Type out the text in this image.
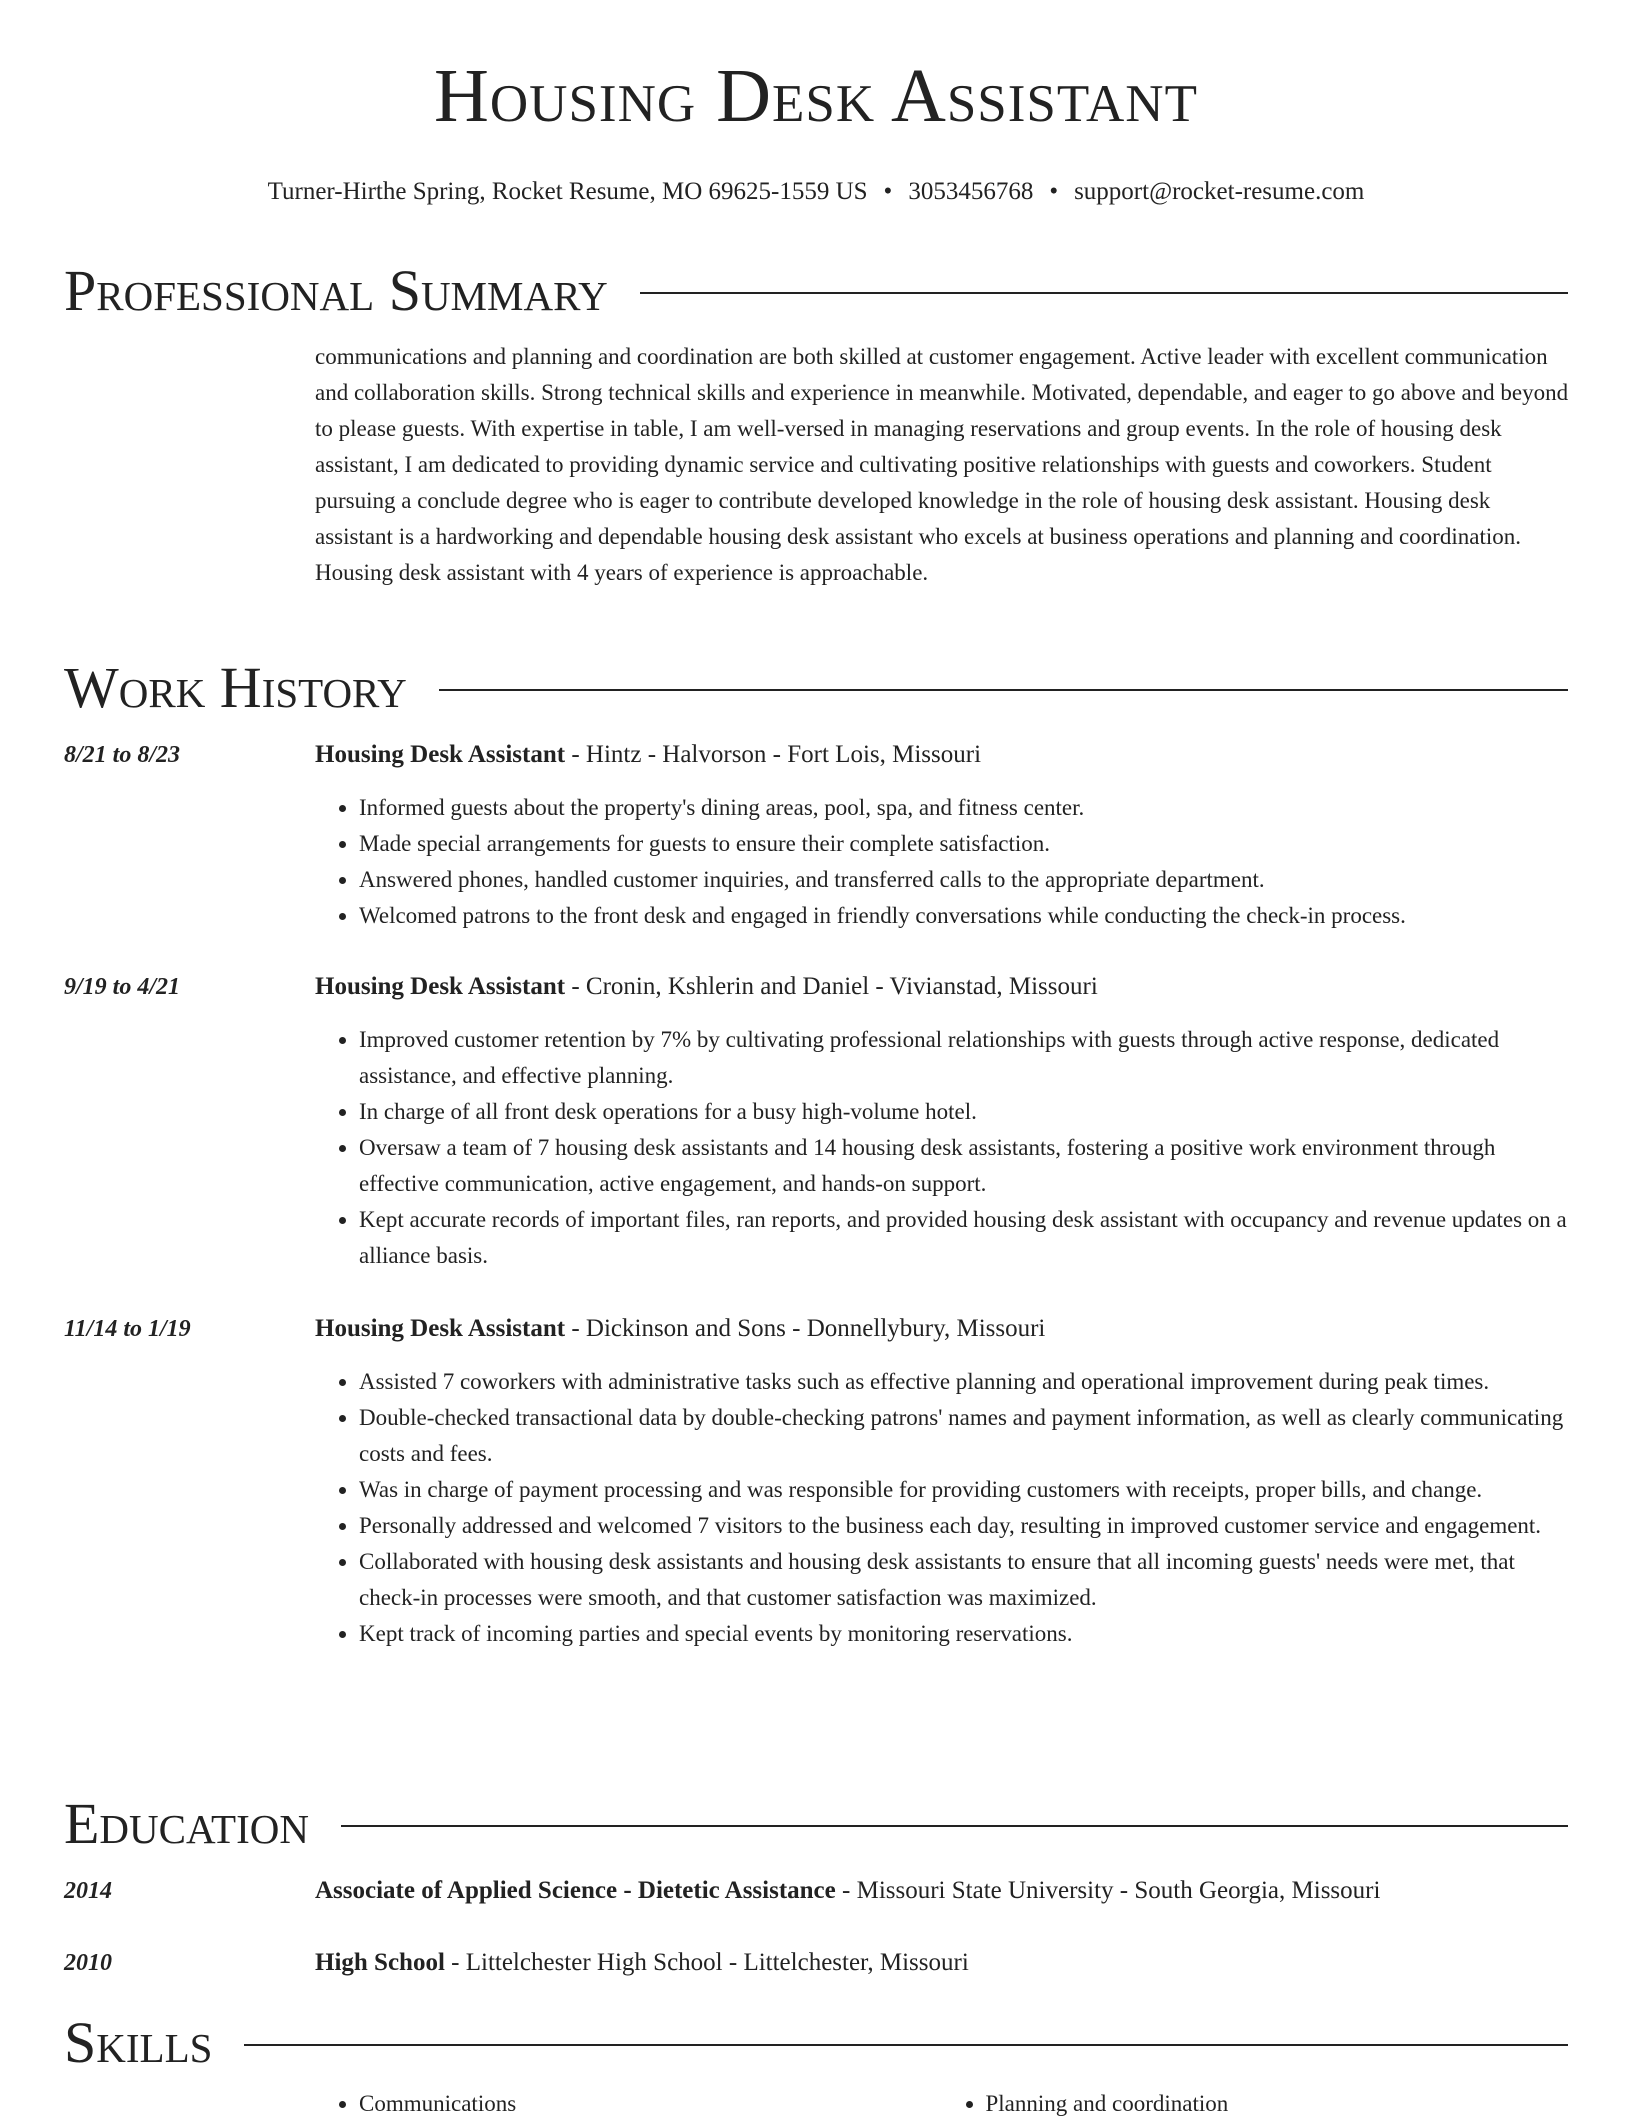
Housing Desk Assistant
Turner-Hirthe Spring, Rocket Resume, MO 69625-1559 US • 3053456768 • support@rocket-resume.com
Professional Summary

communications and planning and coordination are both skilled at customer engagement. Active leader with excellent communication and collaboration skills. Strong technical skills and experience in meanwhile. Motivated, dependable, and eager to go above and beyond to please guests. With expertise in table, I am well-versed in managing reservations and group events. In the role of housing desk assistant, I am dedicated to providing dynamic service and cultivating positive relationships with guests and coworkers. Student pursuing a conclude degree who is eager to contribute developed knowledge in the role of housing desk assistant. Housing desk assistant is a hardworking and dependable housing desk assistant who excels at business operations and planning and coordination. Housing desk assistant with 4 years of experience is approachable.

Work History
8/21 to 8/23	Housing Desk Assistant - Hintz - Halvorson - Fort Lois, Missouri
• Informed guests about the property's dining areas, pool, spa, and fitness center.
• Made special arrangements for guests to ensure their complete satisfaction.
• Answered phones, handled customer inquiries, and transferred calls to the appropriate department.
• Welcomed patrons to the front desk and engaged in friendly conversations while conducting the check-in process.
9/19 to 4/21	Housing Desk Assistant - Cronin, Kshlerin and Daniel - Vivianstad, Missouri
• Improved customer retention by 7% by cultivating professional relationships with guests through active response, dedicated assistance, and effective planning.
• In charge of all front desk operations for a busy high-volume hotel.
• Oversaw a team of 7 housing desk assistants and 14 housing desk assistants, fostering a positive work environment through effective communication, active engagement, and hands-on support.
• Kept accurate records of important files, ran reports, and provided housing desk assistant with occupancy and revenue updates on a alliance basis.
11/14 to 1/19	Housing Desk Assistant - Dickinson and Sons - Donnellybury, Missouri
• Assisted 7 coworkers with administrative tasks such as effective planning and operational improvement during peak times.
• Double-checked transactional data by double-checking patrons' names and payment information, as well as clearly communicating costs and fees.
• Was in charge of payment processing and was responsible for providing customers with receipts, proper bills, and change.
• Personally addressed and welcomed 7 visitors to the business each day, resulting in improved customer service and engagement.
• Collaborated with housing desk assistants and housing desk assistants to ensure that all incoming guests' needs were met, that check-in processes were smooth, and that customer satisfaction was maximized.
• Kept track of incoming parties and special events by monitoring reservations.
Education
2014	Associate of Applied Science - Dietetic Assistance - Missouri State University - South Georgia, Missouri
2010	High School - Littelchester High School - Littelchester, Missouri
Skills
• Communications
•	Planning and coordination
